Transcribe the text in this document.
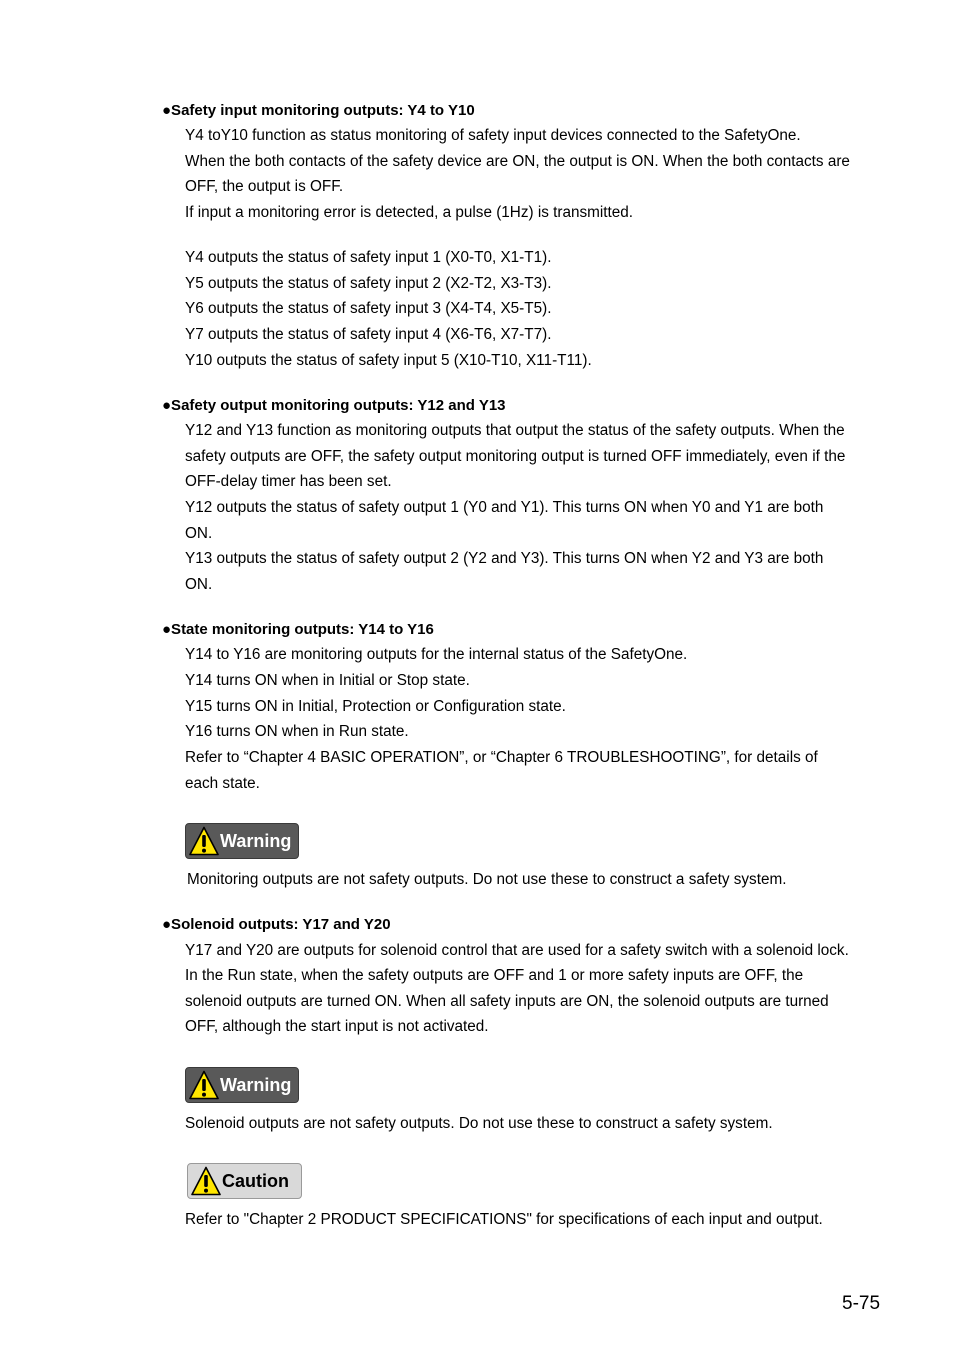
●Safety input monitoring outputs: Y4 to Y10
Y4 toY10 function as status monitoring of safety input devices connected to the SafetyOne.
When the both contacts of the safety device are ON, the output is ON. When the both contacts are
OFF, the output is OFF.
If input a monitoring error is detected, a pulse (1Hz) is transmitted.
Y4 outputs the status of safety input 1 (X0-T0, X1-T1).
Y5 outputs the status of safety input 2 (X2-T2, X3-T3).
Y6 outputs the status of safety input 3 (X4-T4, X5-T5).
Y7 outputs the status of safety input 4 (X6-T6, X7-T7).
Y10 outputs the status of safety input 5 (X10-T10, X11-T11).
●Safety output monitoring outputs: Y12 and Y13
Y12 and Y13 function as monitoring outputs that output the status of the safety outputs. When the
safety outputs are OFF, the safety output monitoring output is turned OFF immediately, even if the
OFF-delay timer has been set.
Y12 outputs the status of safety output 1 (Y0 and Y1). This turns ON when Y0 and Y1 are both
ON.
Y13 outputs the status of safety output 2 (Y2 and Y3). This turns ON when Y2 and Y3 are both
ON.
●State monitoring outputs: Y14 to Y16
Y14 to Y16 are monitoring outputs for the internal status of the SafetyOne.
Y14 turns ON when in Initial or Stop state.
Y15 turns ON in Initial, Protection or Configuration state.
Y16 turns ON when in Run state.
Refer to “Chapter 4 BASIC OPERATION”, or “Chapter 6 TROUBLESHOOTING”, for details of
each state.
Warning
Monitoring outputs are not safety outputs. Do not use these to construct a safety system.
●Solenoid outputs: Y17 and Y20
Y17 and Y20 are outputs for solenoid control that are used for a safety switch with a solenoid lock.
In the Run state, when the safety outputs are OFF and 1 or more safety inputs are OFF, the
solenoid outputs are turned ON. When all safety inputs are ON, the solenoid outputs are turned
OFF, although the start input is not activated.
Warning
Solenoid outputs are not safety outputs. Do not use these to construct a safety system.
Caution
Refer to "Chapter 2 PRODUCT SPECIFICATIONS" for specifications of each input and output.
5-75
